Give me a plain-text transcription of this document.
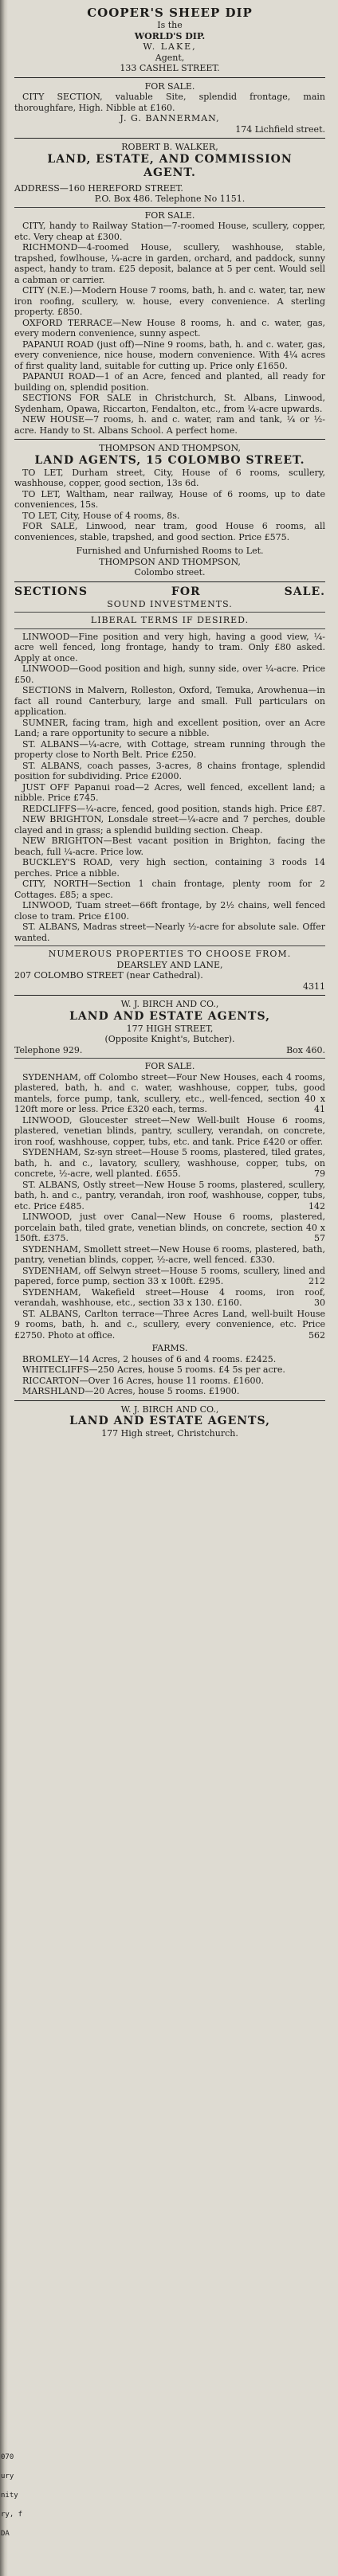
070
ury
nity
ry, f
DA
COOPER'S SHEEP DIP
Is the
WORLD'S DIP.
W. LAKE,
Agent,
133 CASHEL STREET.
FOR SALE.
CITY SECTION, valuable Site, splendid frontage, main thoroughfare, High. Nibble at £160.
J. G. BANNERMAN,
174 Lichfield street.
ROBERT B. WALKER,
LAND, ESTATE, AND COMMISSION
AGENT.
ADDRESS—160 HEREFORD STREET.
P.O. Box 486. Telephone No 1151.
FOR SALE.
CITY, handy to Railway Station—7-roomed House, scullery, copper, etc. Very cheap at £300.
RICHMOND—4-roomed House, scullery, washhouse, stable, trapshed, fowlhouse, ¼-acre in garden, orchard, and paddock, sunny aspect, handy to tram. £25 deposit, balance at 5 per cent. Would sell a cabman or carrier.
CITY (N.E.)—Modern House 7 rooms, bath, h. and c. water, tar, new iron roofing, scullery, w. house, every convenience. A sterling property. £850.
OXFORD TERRACE—New House 8 rooms, h. and c. water, gas, every modern convenience, sunny aspect.
PAPANUI ROAD (just off)—Nine 9 rooms, bath, h. and c. water, gas, every convenience, nice house, modern convenience. With 4¼ acres of first quality land, suitable for cutting up. Price only £1650.
PAPANUI ROAD—1 of an Acre, fenced and planted, all ready for building on, splendid position.
SECTIONS FOR SALE in Christchurch, St. Albans, Linwood, Sydenham, Opawa, Riccarton, Fendalton, etc., from ¼-acre upwards.
NEW HOUSE—7 rooms, h. and c. water, ram and tank, ¼ or ½-acre. Handy to St. Albans School. A perfect home.
THOMPSON AND THOMPSON,
LAND AGENTS, 15 COLOMBO STREET.
TO LET, Durham street, City, House of 6 rooms, scullery, washhouse, copper, good section, 13s 6d.
TO LET, Waltham, near railway, House of 6 rooms, up to date conveniences, 15s.
TO LET, City, House of 4 rooms, 8s.
FOR SALE, Linwood, near tram, good House 6 rooms, all conveniences, stable, trapshed, and good section. Price £575.
Furnished and Unfurnished Rooms to Let.
THOMPSON AND THOMPSON,
Colombo street.
SECTIONS	FOR	SALE.
SOUND INVESTMENTS.
LIBERAL TERMS IF DESIRED.
LINWOOD—Fine position and very high, having a good view, ¼-acre well fenced, long frontage, handy to tram. Only £80 asked. Apply at once.
LINWOOD—Good position and high, sunny side, over ¼-acre. Price £50.
SECTIONS in Malvern, Rolleston, Oxford, Temuka, Arowhenua—in fact all round Canterbury, large and small. Full particulars on application.
SUMNER, facing tram, high and excellent position, over an Acre Land; a rare opportunity to secure a nibble.
ST. ALBANS—¼-acre, with Cottage, stream running through the property close to North Belt. Price £250.
ST. ALBANS, coach passes, 3-acres, 8 chains frontage, splendid position for subdividing. Price £2000.
JUST OFF Papanui road—2 Acres, well fenced, excellent land; a nibble. Price £745.
REDCLIFFS—¼-acre, fenced, good position, stands high. Price £87.
NEW BRIGHTON, Lonsdale street—¼-acre and 7 perches, double clayed and in grass; a splendid building section. Cheap.
NEW BRIGHTON—Best vacant position in Brighton, facing the beach, full ¼-acre. Price low.
BUCKLEY'S ROAD, very high section, containing 3 roods 14 perches. Price a nibble.
CITY, NORTH—Section 1 chain frontage, plenty room for 2 Cottages. £85; a spec.
LINWOOD, Tuam street—66ft frontage, by 2½ chains, well fenced close to tram. Price £100.
ST. ALBANS, Madras street—Nearly ½-acre for absolute sale. Offer wanted.
NUMEROUS PROPERTIES TO CHOOSE FROM.
DEARSLEY AND LANE,
207 COLOMBO STREET (near Cathedral).
4311
W. J. BIRCH AND CO.,
LAND AND ESTATE AGENTS,
177 HIGH STREET,
(Opposite Knight's, Butcher).
Telephone 929.	Box 460.
FOR SALE.
SYDENHAM, off Colombo street—Four New Houses, each 4 rooms, plastered, bath, h. and c. water, washhouse, copper, tubs, good mantels, force pump, tank, scullery, etc., well-fenced, section 40 x 120ft more or less. Price £320 each, terms.	41
LINWOOD, Gloucester street—New Well-built House 6 rooms, plastered, venetian blinds, pantry, scullery, verandah, on concrete, iron roof, washhouse, copper, tubs, etc. and tank. Price £420 or offer.
SYDENHAM, Sz-syn street—House 5 rooms, plastered, tiled grates, bath, h. and c., lavatory, scullery, washhouse, copper, tubs, on concrete, ½-acre, well planted. £655.	79
ST. ALBANS, Ostly street—New House 5 rooms, plastered, scullery, bath, h. and c., pantry, verandah, iron roof, washhouse, copper, tubs, etc. Price £485.	142
LINWOOD, just over Canal—New House 6 rooms, plastered, porcelain bath, tiled grate, venetian blinds, on concrete, section 40 x 150ft. £375.	57
SYDENHAM, Smollett street—New House 6 rooms, plastered, bath, pantry, venetian blinds, copper, ½-acre, well fenced. £330.
SYDENHAM, off Selwyn street—House 5 rooms, scullery, lined and papered, force pump, section 33 x 100ft. £295.	212
SYDENHAM, Wakefield street—House 4 rooms, iron roof, verandah, washhouse, etc., section 33 x 130. £160.	30
ST. ALBANS, Carlton terrace—Three Acres Land, well-built House 9 rooms, bath, h. and c., scullery, every convenience, etc. Price £2750. Photo at office.	562
FARMS.
BROMLEY—14 Acres, 2 houses of 6 and 4 rooms. £2425.
WHITECLIFFS—250 Acres, house 5 rooms. £4 5s per acre.
RICCARTON—Over 16 Acres, house 11 rooms. £1600.
MARSHLAND—20 Acres, house 5 rooms. £1900.
W. J. BIRCH AND CO.,
LAND AND ESTATE AGENTS,
177 High street, Christchurch.
